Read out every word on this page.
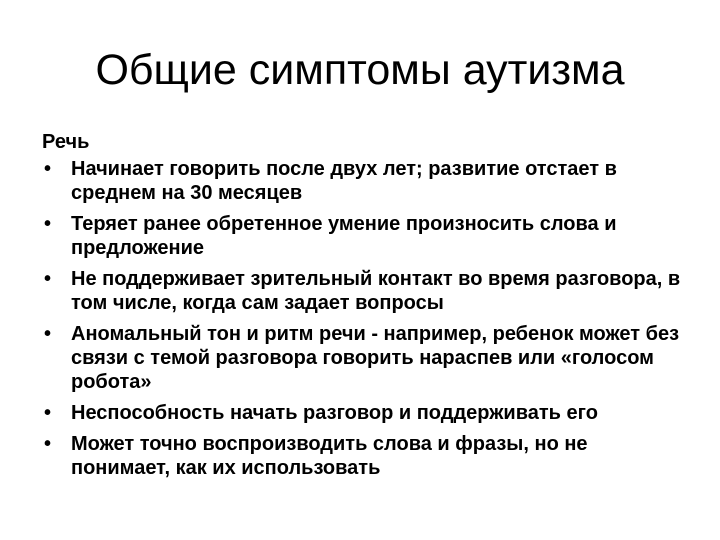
Общие симптомы аутизма
Речь
• Начинает говорить после двух лет; развитие отстает в среднем на 30 месяцев
• Теряет ранее обретенное умение произносить слова и предложение
• Не поддерживает зрительный контакт во время разговора, в том числе, когда сам задает вопросы
• Аномальный тон и ритм речи - например, ребенок может без связи с темой разговора говорить нараспев или «голосом робота»
• Неспособность начать разговор и поддерживать его
• Может точно воспроизводить слова и фразы, но не понимает, как их использовать
